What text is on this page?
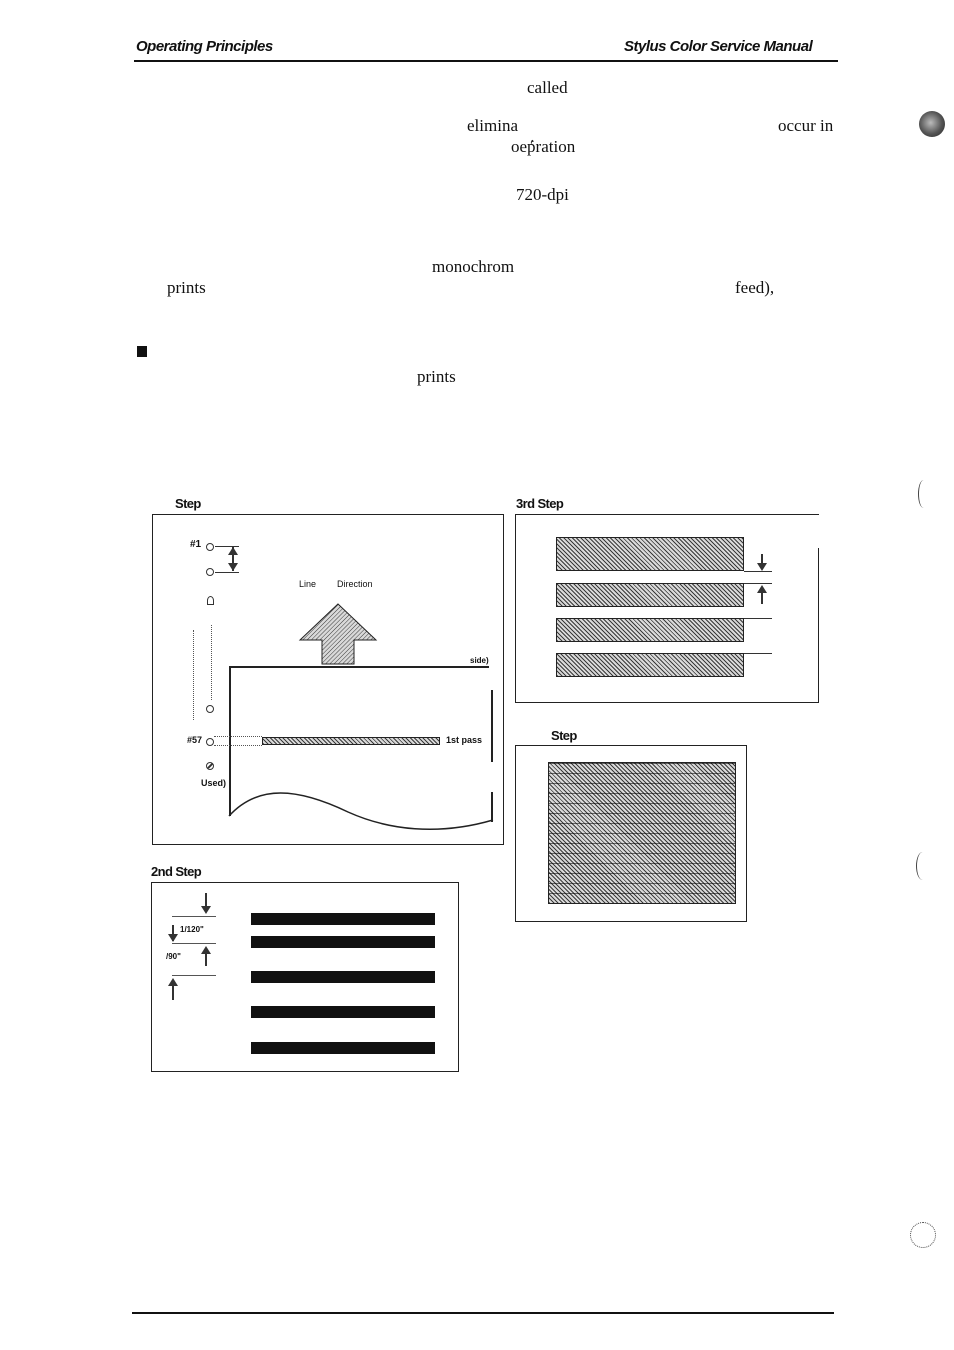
Operating Principles	Stylus Color Service Manual
called
elimina	occur in
oeۢpration
720-dpi
monochrom
prints	feed),
prints
Step
#1
Line Direction
side)
1st pass
#57
Used)
2nd Step
1/120"
/90"
3rd Step
Step
